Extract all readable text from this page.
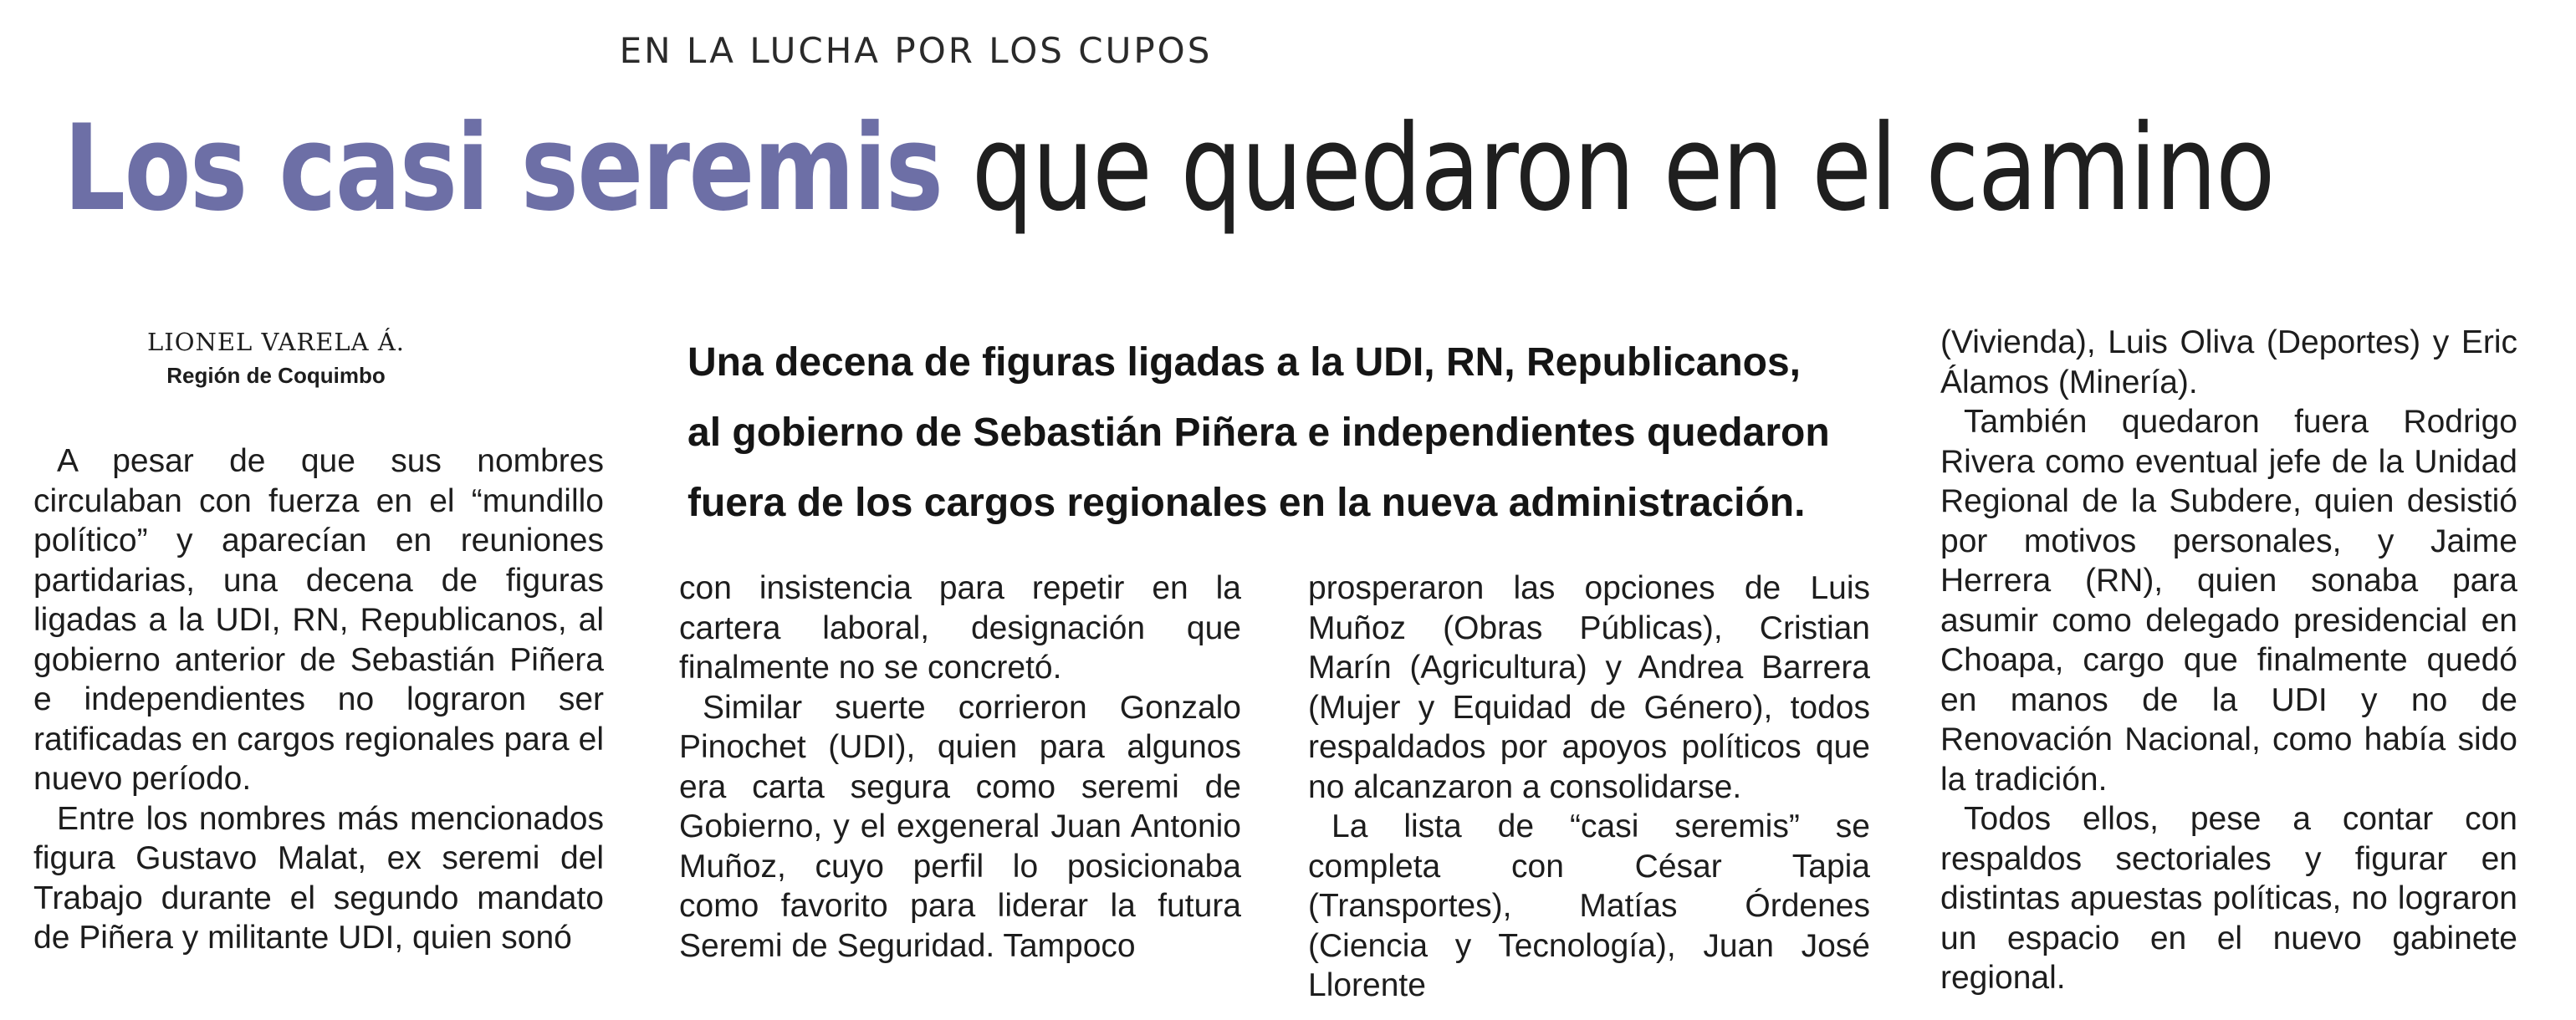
EN LA LUCHA POR LOS CUPOS
Los casi seremis que quedaron en el camino
LIONEL VARELA Á.
Región de Coquimbo	Una decena de figuras ligadas a la UDI, RN, Republicanos,
al gobierno de Sebastián Piñera e independientes quedaron
fuera de los cargos regionales en la nueva administración.

A pesar de que sus nombres circulaban con fuerza en el “mundillo político” y aparecían en reuniones partidarias, una decena de figuras ligadas a la UDI, RN, Republicanos, al gobierno anterior de Sebastián Piñera e independientes no lograron ser ratificadas en cargos regionales para el nuevo período.

Entre los nombres más mencionados figura Gustavo Malat, ex seremi del Trabajo durante el segundo mandato de Piñera y militante UDI, quien sonó

con insistencia para repetir en la cartera laboral, designación que finalmente no se concretó.

Similar suerte corrieron Gonzalo Pinochet (UDI), quien para algunos era carta segura como seremi de Gobierno, y el exgeneral Juan Antonio Muñoz, cuyo perfil lo posicionaba como favorito para liderar la futura Seremi de Seguridad. Tampoco

prosperaron las opciones de Luis Muñoz (Obras Públicas), Cristian Marín (Agricultura) y Andrea Barrera (Mujer y Equidad de Género), todos respaldados por apoyos políticos que no alcanzaron a consolidarse.

La lista de “casi seremis” se completa con César Tapia (Transportes), Matías Órdenes (Ciencia y Tecnología), Juan José Llorente

(Vivienda), Luis Oliva (Deportes) y Eric Álamos (Minería).

También quedaron fuera Rodrigo Rivera como eventual jefe de la Unidad Regional de la Subdere, quien desistió por motivos personales, y Jaime Herrera (RN), quien sonaba para asumir como delegado presidencial en Choapa, cargo que finalmente quedó en manos de la UDI y no de Renovación Nacional, como había sido la tradición.

Todos ellos, pese a contar con respaldos sectoriales y figurar en distintas apuestas políticas, no lograron un espacio en el nuevo gabinete regional.
